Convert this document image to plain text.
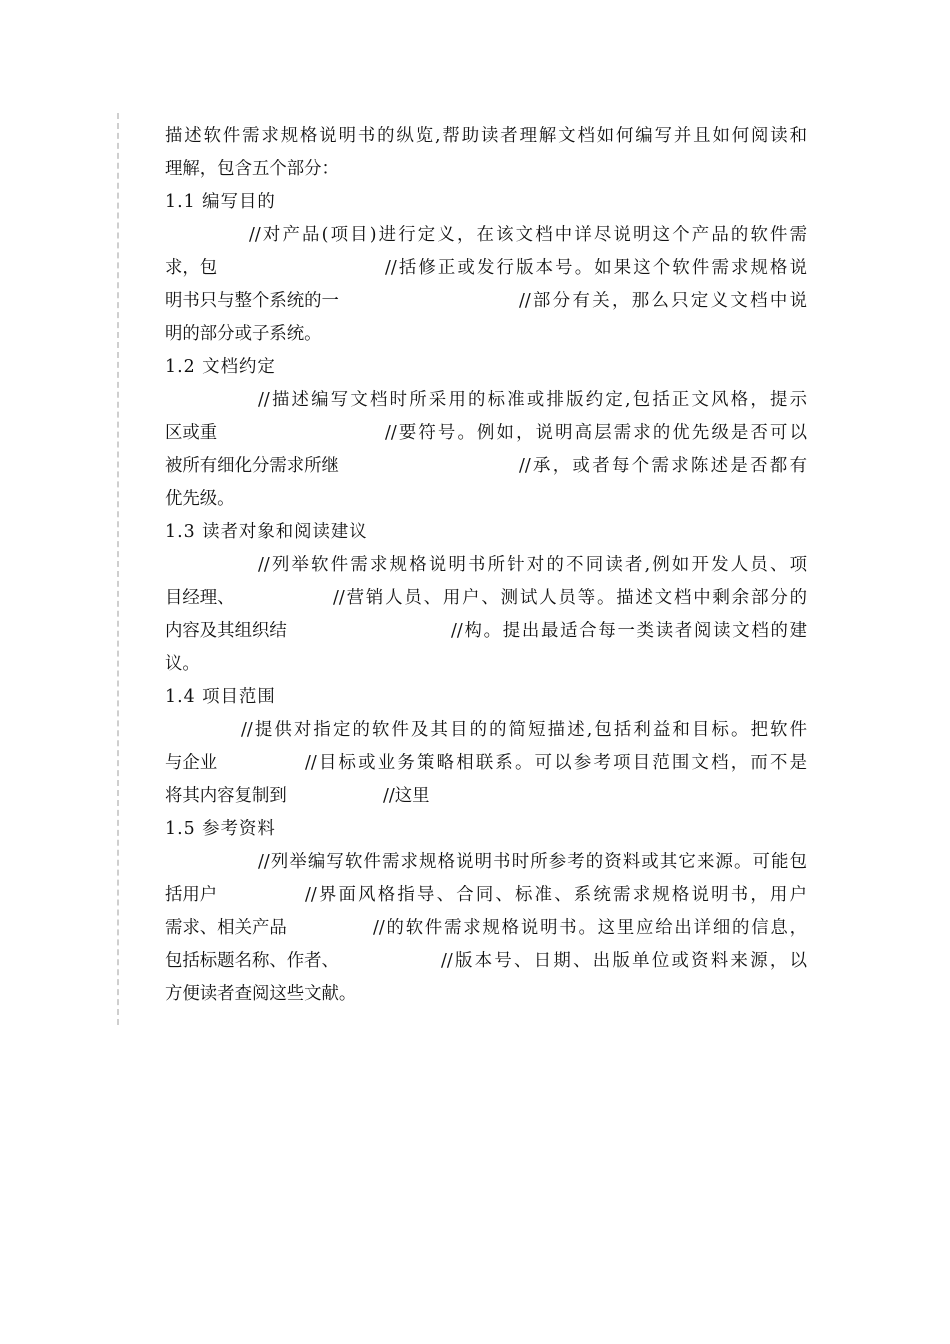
描述软件需求规格说明书的纵览,帮助读者理解文档如何编写并且如何阅读和
理解，包含五个部分：
1.1 编写目的

//对产品(项目)进行定义，在该文档中详尽说明这个产品的软件需

求，包

	//括修正或发行版本号。如果这个软件需求规格说

明书只与整个系统的一

	//部分有关，那么只定义文档中说

明的部分或子系统。
1.2 文档约定

//描述编写文档时所采用的标准或排版约定,包括正文风格，提示

区或重

	//要符号。例如，说明高层需求的优先级是否可以

被所有细化分需求所继

	//承，或者每个需求陈述是否都有

优先级。
1.3 读者对象和阅读建议

//列举软件需求规格说明书所针对的不同读者,例如开发人员、项

目经理、

	//营销人员、用户、测试人员等。描述文档中剩余部分的

内容及其组织结

	//构。提出最适合每一类读者阅读文档的建

议。
1.4 项目范围

//提供对指定的软件及其目的的简短描述,包括利益和目标。把软件

与企业

	//目标或业务策略相联系。可以参考项目范围文档，而不是

将其内容复制到

	//这里

1.5 参考资料

//列举编写软件需求规格说明书时所参考的资料或其它来源。可能包

括用户

	//界面风格指导、合同、标准、系统需求规格说明书，用户

需求、相关产品

	//的软件需求规格说明书。这里应给出详细的信息，

包括标题名称、作者、

	//版本号、日期、出版单位或资料来源，以

方便读者查阅这些文献。
